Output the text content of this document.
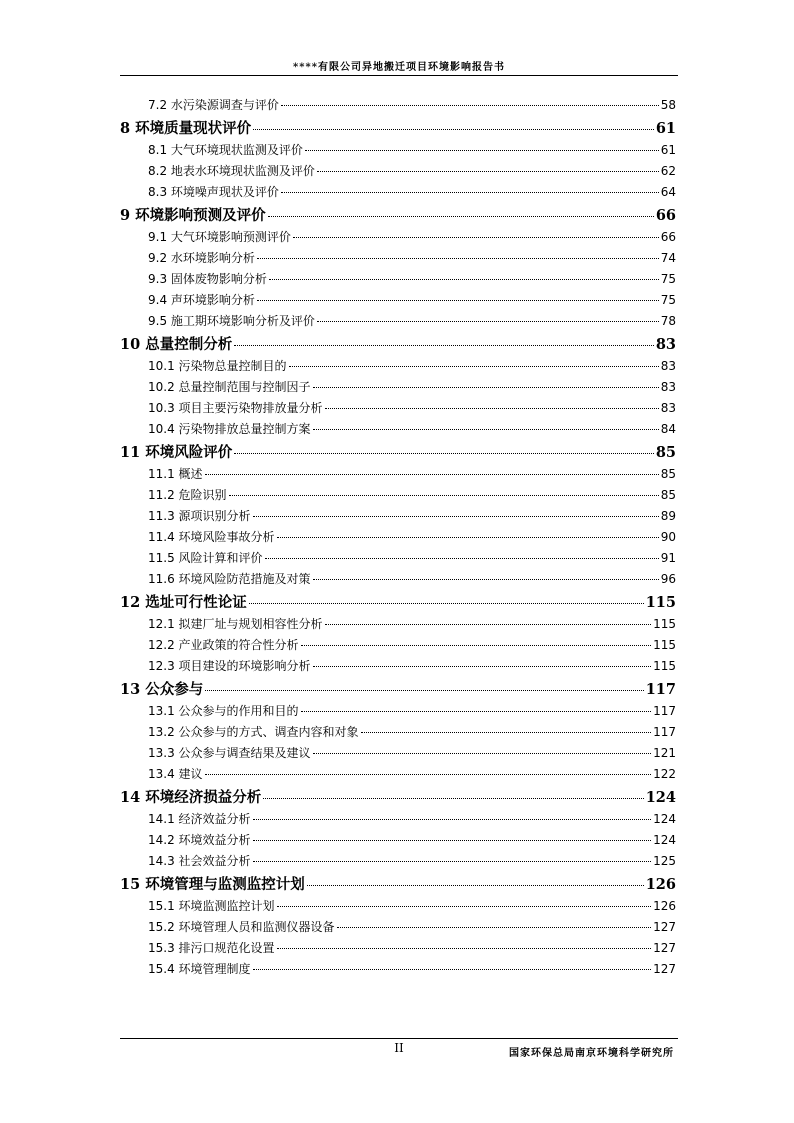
****有限公司异地搬迁项目环境影响报告书
7.2 水污染源调查与评价	58
8 环境质量现状评价	61
8.1 大气环境现状监测及评价	61
8.2 地表水环境现状监测及评价	62
8.3 环境噪声现状及评价	64
9 环境影响预测及评价	66
9.1 大气环境影响预测评价	66
9.2 水环境影响分析	74
9.3 固体废物影响分析	75
9.4 声环境影响分析	75
9.5 施工期环境影响分析及评价	78
10 总量控制分析	83
10.1 污染物总量控制目的	83
10.2 总量控制范围与控制因子	83
10.3 项目主要污染物排放量分析	83
10.4 污染物排放总量控制方案	84
11 环境风险评价	85
11.1 概述	85
11.2 危险识别	85
11.3 源项识别分析	89
11.4 环境风险事故分析	90
11.5 风险计算和评价	91
11.6 环境风险防范措施及对策	96
12 选址可行性论证	115
12.1 拟建厂址与规划相容性分析	115
12.2 产业政策的符合性分析	115
12.3 项目建设的环境影响分析	115
13 公众参与	117
13.1 公众参与的作用和目的	117
13.2 公众参与的方式、调查内容和对象	117
13.3 公众参与调查结果及建议	121
13.4 建议	122
14 环境经济损益分析	124
14.1 经济效益分析	124
14.2 环境效益分析	124
14.3 社会效益分析	125
15 环境管理与监测监控计划	126
15.1 环境监测监控计划	126
15.2 环境管理人员和监测仪器设备	127
15.3 排污口规范化设置	127
15.4 环境管理制度	127
II	国家环保总局南京环境科学研究所
